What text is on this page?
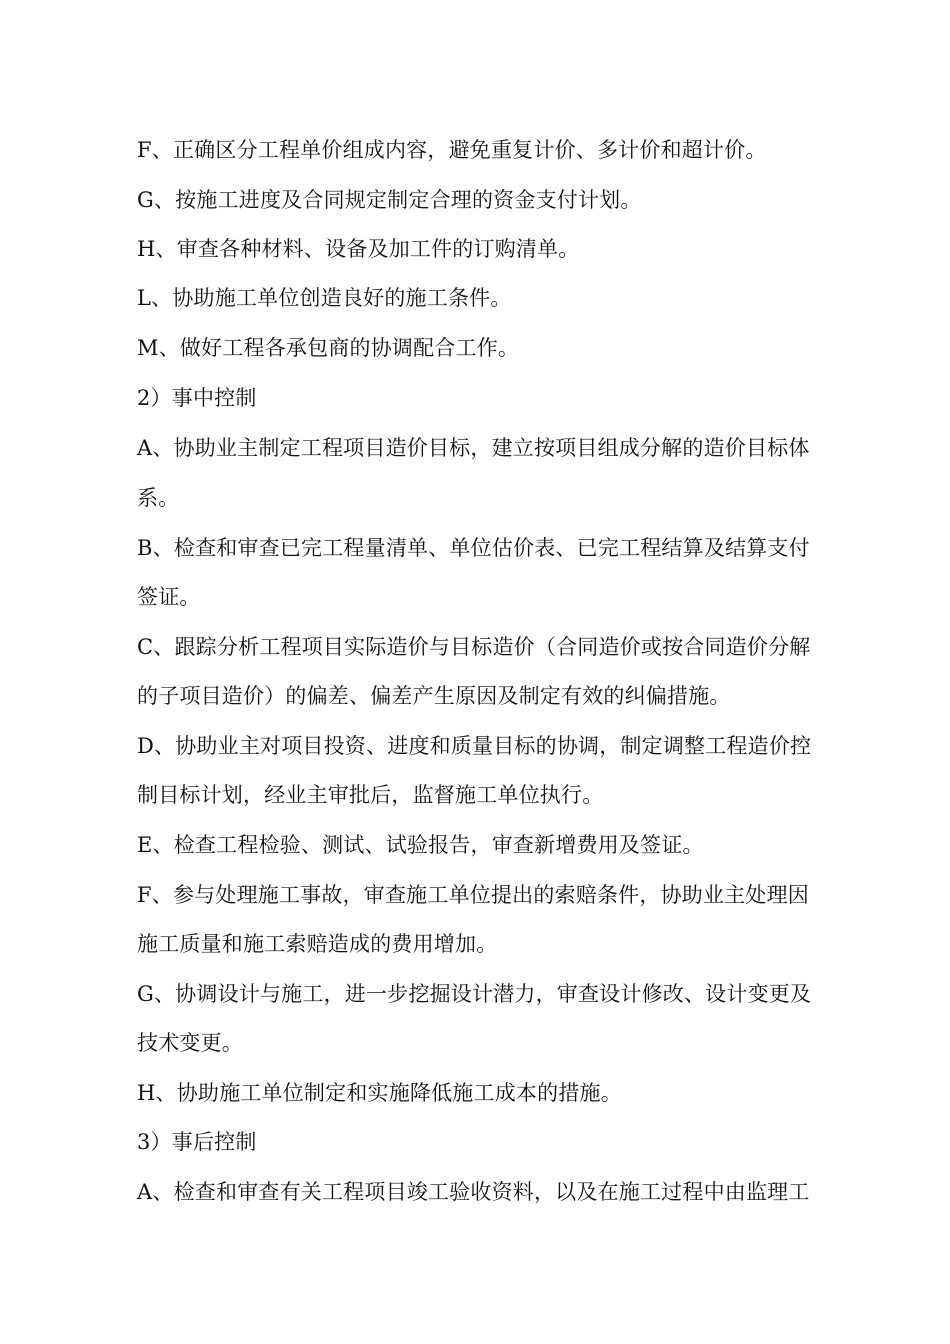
F、正确区分工程单价组成内容，避免重复计价、多计价和超计价。
G、按施工进度及合同规定制定合理的资金支付计划。
H、审查各种材料、设备及加工件的订购清单。
L、协助施工单位创造良好的施工条件。
M、做好工程各承包商的协调配合工作。
2）事中控制
A、协助业主制定工程项目造价目标，建立按项目组成分解的造价目标体
系。
B、检查和审查已完工程量清单、单位估价表、已完工程结算及结算支付
签证。
C、跟踪分析工程项目实际造价与目标造价（合同造价或按合同造价分解
的子项目造价）的偏差、偏差产生原因及制定有效的纠偏措施。
D、协助业主对项目投资、进度和质量目标的协调，制定调整工程造价控
制目标计划，经业主审批后，监督施工单位执行。
E、检查工程检验、测试、试验报告，审查新增费用及签证。
F、参与处理施工事故，审查施工单位提出的索赔条件，协助业主处理因
施工质量和施工索赔造成的费用增加。
G、协调设计与施工，进一步挖掘设计潜力，审查设计修改、设计变更及
技术变更。
H、协助施工单位制定和实施降低施工成本的措施。
3）事后控制
A、检查和审查有关工程项目竣工验收资料，以及在施工过程中由监理工
